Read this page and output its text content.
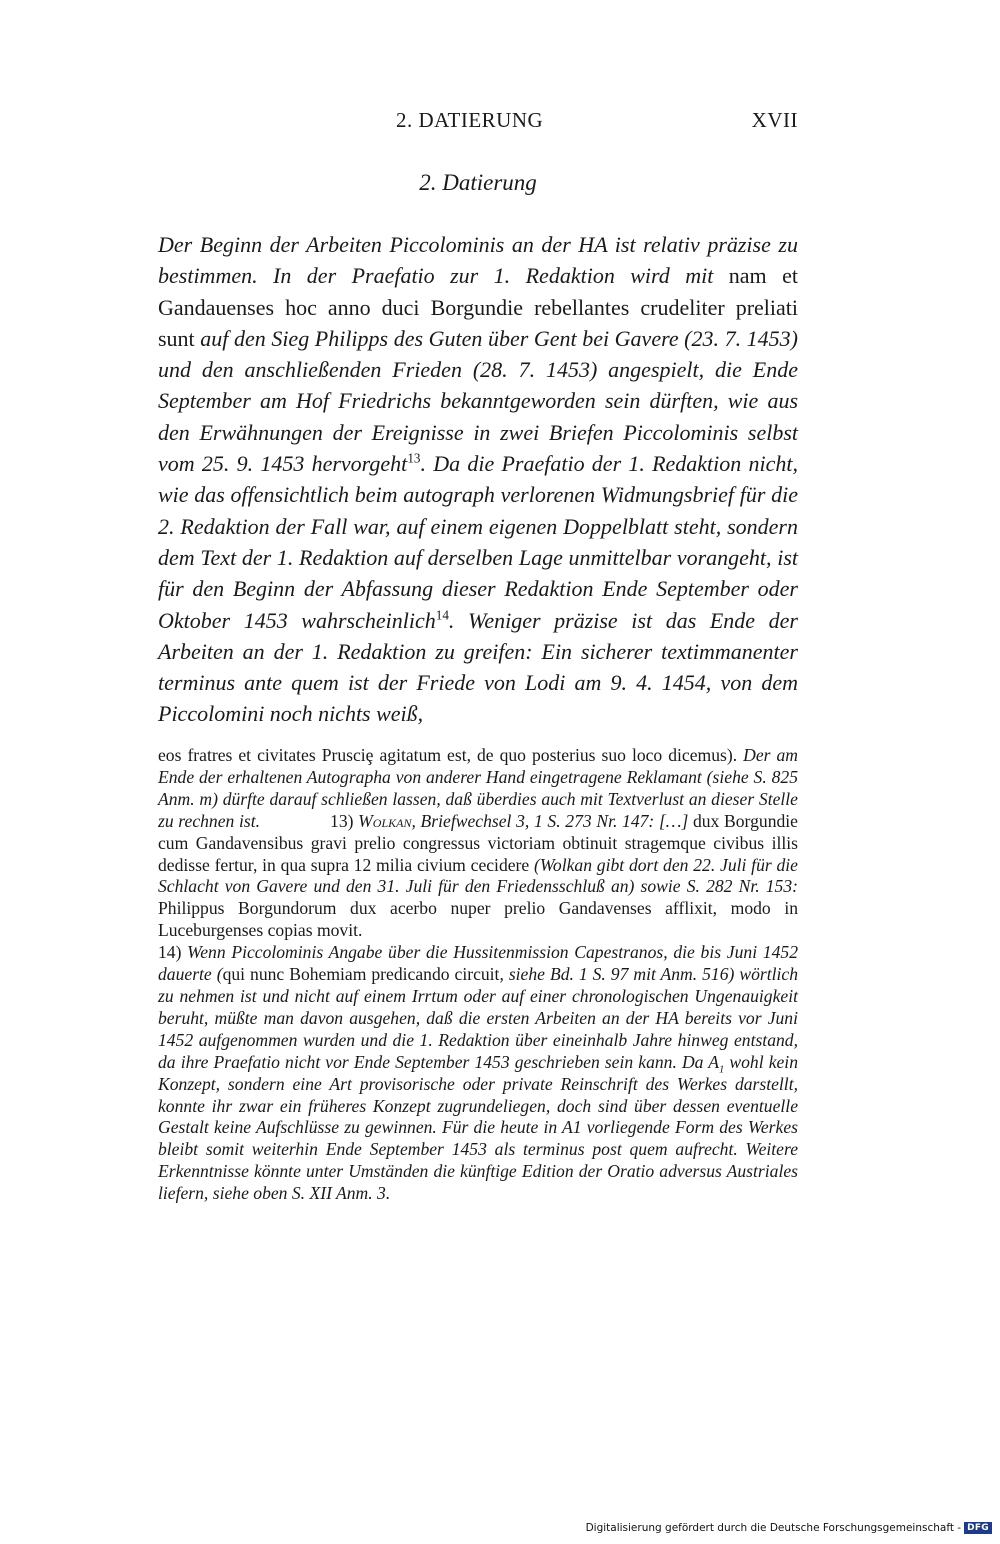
2. DATIERUNG	XVII
2. Datierung

Der Beginn der Arbeiten Piccolominis an der HA ist relativ präzise zu bestimmen. In der Praefatio zur 1. Redaktion wird mit nam et Gandauenses hoc anno duci Borgundie rebellantes crudeliter preliati sunt auf den Sieg Philipps des Guten über Gent bei Gavere (23. 7. 1453) und den anschließenden Frieden (28. 7. 1453) angespielt, die Ende September am Hof Friedrichs bekanntgeworden sein dürften, wie aus den Erwähnungen der Ereignisse in zwei Briefen Piccolominis selbst vom 25. 9. 1453 hervorgeht$^{13}$. Da die Praefatio der 1. Redaktion nicht, wie das offensichtlich beim autograph verlorenen Widmungsbrief für die 2. Redaktion der Fall war, auf einem eigenen Doppelblatt steht, sondern dem Text der 1. Redaktion auf derselben Lage unmittelbar vorangeht, ist für den Beginn der Abfassung dieser Redaktion Ende September oder Oktober 1453 wahrscheinlich$^{14}$. Weniger präzise ist das Ende der Arbeiten an der 1. Redaktion zu greifen: Ein sicherer textimmanenter terminus ante quem ist der Friede von Lodi am 9. 4. 1454, von dem Piccolomini noch nichts weiß,

eos fratres et civitates Prusciȩ agitatum est, de quo posterius suo loco dicemus). Der am Ende der erhaltenen Autographa von anderer Hand eingetragene Reklamant (siehe S. 825 Anm. m) dürfte darauf schließen lassen, daß überdies auch mit Textverlust an dieser Stelle zu rechnen ist.	13) Wolkan, Briefwechsel 3, 1 S. 273 Nr. 147: […] dux Borgundie cum Gandavensibus gravi prelio congressus victoriam obtinuit stragemque civibus illis dedisse fertur, in qua supra 12 milia civium cecidere (Wolkan gibt dort den 22. Juli für die Schlacht von Gavere und den 31. Juli für den Friedensschluß an) sowie S. 282 Nr. 153: Philippus Borgundorum dux acerbo nuper prelio Gandavenses afflixit, modo in Luceburgenses copias movit.
14) Wenn Piccolominis Angabe über die Hussitenmission Capestranos, die bis Juni 1452 dauerte (qui nunc Bohemiam predicando circuit, siehe Bd. 1 S. 97 mit Anm. 516) wörtlich zu nehmen ist und nicht auf einem Irrtum oder auf einer chronologischen Ungenauigkeit beruht, müßte man davon ausgehen, daß die ersten Arbeiten an der HA bereits vor Juni 1452 aufgenommen wurden und die 1. Redaktion über eineinhalb Jahre hinweg entstand, da ihre Praefatio nicht vor Ende September 1453 geschrieben sein kann. Da $A_1$ wohl kein Konzept, sondern eine Art provisorische oder private Reinschrift des Werkes darstellt, konnte ihr zwar ein früheres Konzept zugrundeliegen, doch sind über dessen eventuelle Gestalt keine Aufschlüsse zu gewinnen. Für die heute in A1 vorliegende Form des Werkes bleibt somit weiterhin Ende September 1453 als terminus post quem aufrecht. Weitere Erkenntnisse könnte unter Umständen die künftige Edition der Oratio adversus Austriales liefern, siehe oben S. XII Anm. 3.

Digitalisierung gefördert durch die Deutsche Forschungsgemeinschaft - DFG
